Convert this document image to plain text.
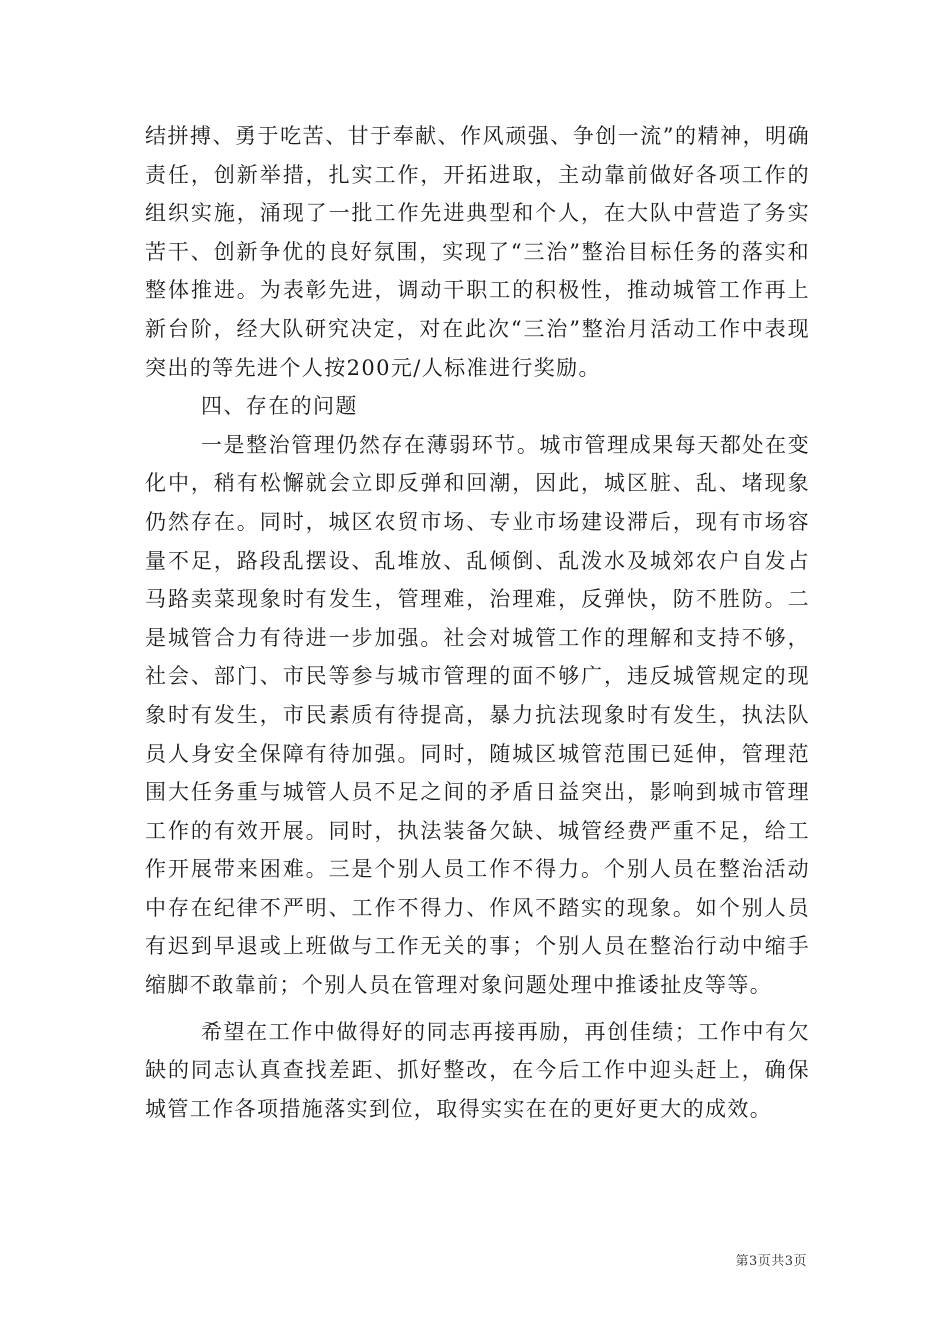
结拼搏、勇于吃苦、甘于奉献、作风顽强、争创一流”的精神，明确责任，创新举措，扎实工作，开拓进取，主动靠前做好各项工作的组织实施，涌现了一批工作先进典型和个人，在大队中营造了务实苦干、创新争优的良好氛围，实现了“三治”整治目标任务的落实和整体推进。为表彰先进，调动干职工的积极性，推动城管工作再上新台阶，经大队研究决定，对在此次“三治”整治月活动工作中表现突出的等先进个人按200元/人标准进行奖励。

四、存在的问题

一是整治管理仍然存在薄弱环节。城市管理成果每天都处在变化中，稍有松懈就会立即反弹和回潮，因此，城区脏、乱、堵现象仍然存在。同时，城区农贸市场、专业市场建设滞后，现有市场容量不足，路段乱摆设、乱堆放、乱倾倒、乱泼水及城郊农户自发占马路卖菜现象时有发生，管理难，治理难，反弹快，防不胜防。二是城管合力有待进一步加强。社会对城管工作的理解和支持不够，社会、部门、市民等参与城市管理的面不够广，违反城管规定的现象时有发生，市民素质有待提高，暴力抗法现象时有发生，执法队员人身安全保障有待加强。同时，随城区城管范围已延伸，管理范围大任务重与城管人员不足之间的矛盾日益突出，影响到城市管理工作的有效开展。同时，执法装备欠缺、城管经费严重不足，给工作开展带来困难。三是个别人员工作不得力。个别人员在整治活动中存在纪律不严明、工作不得力、作风不踏实的现象。如个别人员有迟到早退或上班做与工作无关的事；个别人员在整治行动中缩手缩脚不敢靠前；个别人员在管理对象问题处理中推诿扯皮等等。

希望在工作中做得好的同志再接再励，再创佳绩；工作中有欠缺的同志认真查找差距、抓好整改，在今后工作中迎头赶上，确保城管工作各项措施落实到位，取得实实在在的更好更大的成效。

第3页共3页
